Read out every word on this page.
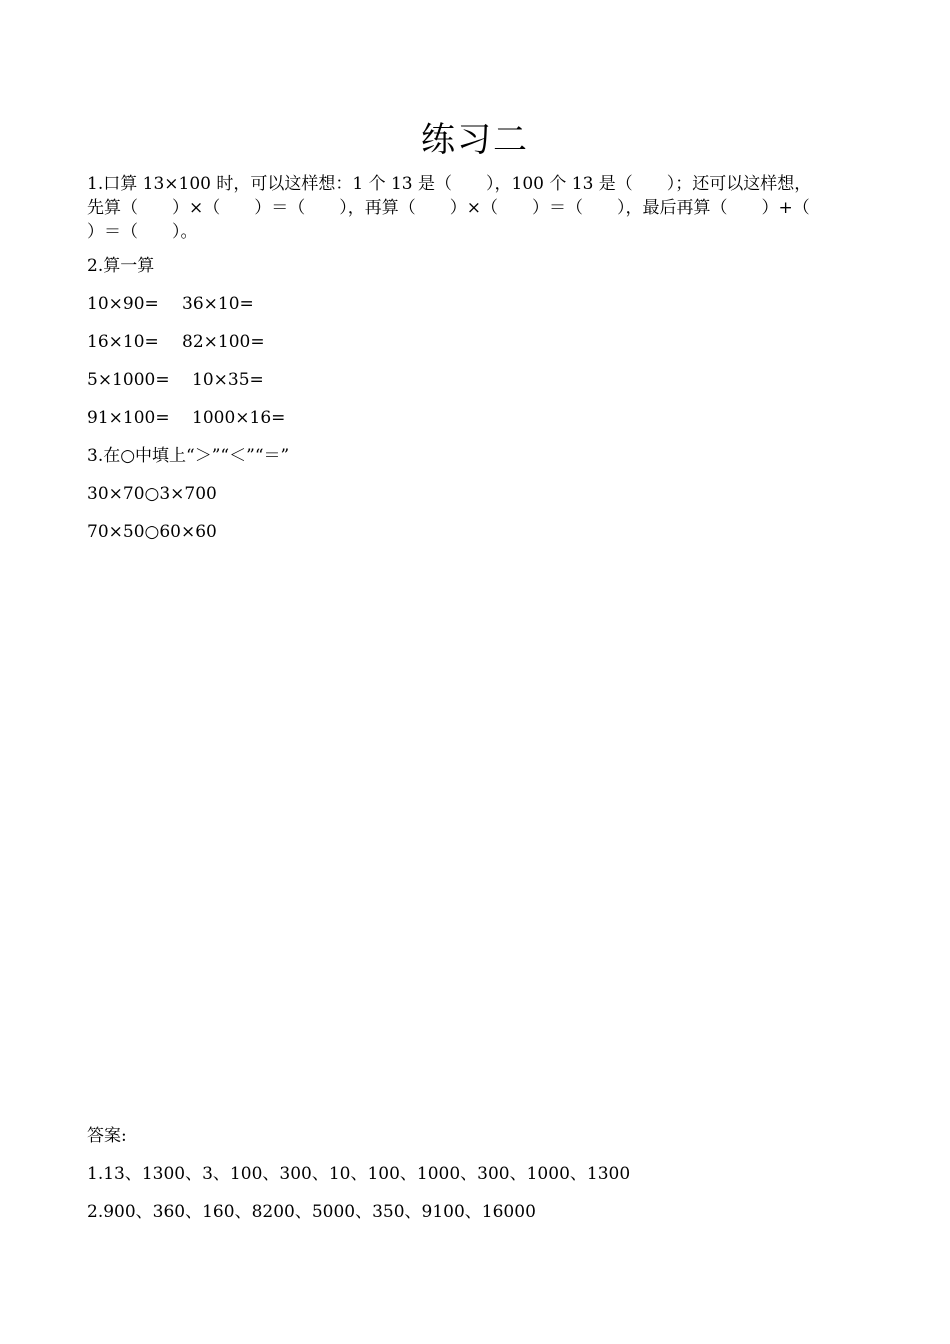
练习二
1.口算 13×100 时，可以这样想：1 个 13 是（　　），100 个 13 是（　　）；还可以这样想，
先算（　　）×（　　）＝（　　），再算（　　）×（　　）＝（　　），最后再算（　　）+（
）＝（　　）。
2.算一算
10×90=	36×10=
16×10=	82×100=
5×1000=	10×35=
91×100=	1000×16=
3.在○中填上“＞”“＜”“＝”
30×70○3×700
70×50○60×60
答案:
1.13、1300、3、100、300、10、100、1000、300、1000、1300
2.900、360、160、8200、5000、350、9100、16000
